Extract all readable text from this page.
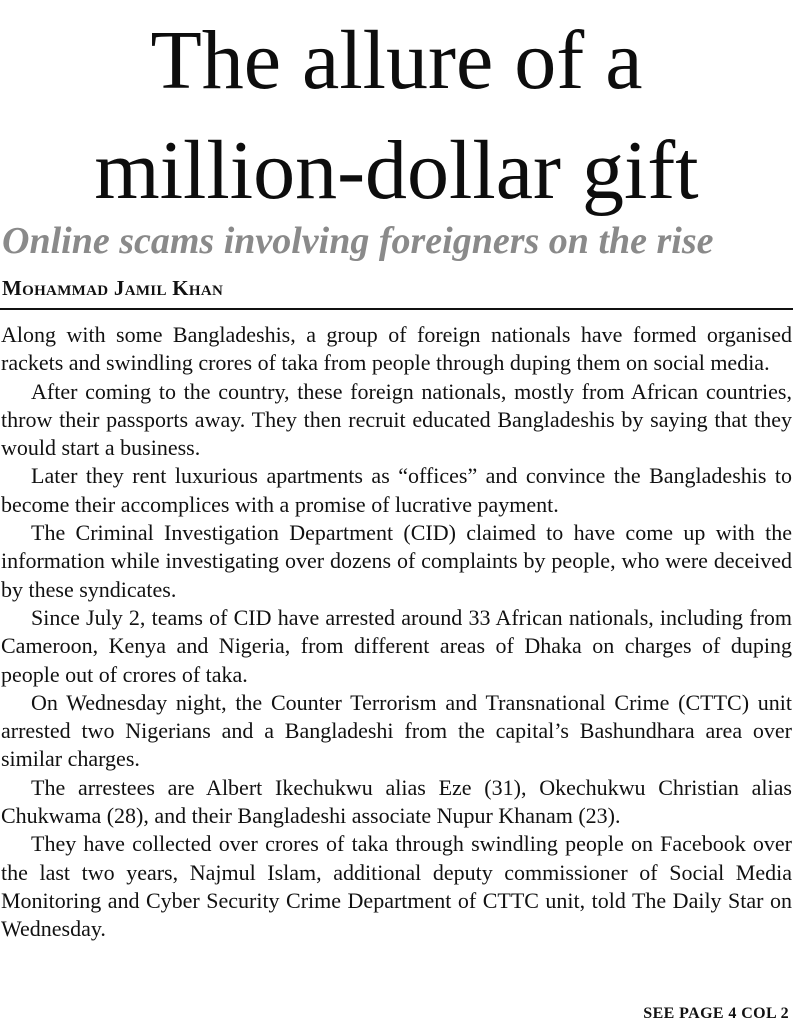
The allure of a
million-dollar gift
Online scams involving foreigners on the rise
Mohammad Jamil Khan

Along with some Bangladeshis, a group of foreign nationals have formed organised rackets and swindling crores of taka from people through duping them on social media.

After coming to the country, these foreign nationals, mostly from African countries, throw their passports away. They then recruit educated Bangladeshis by saying that they would start a business.

Later they rent luxurious apartments as “offices” and convince the Bangladeshis to become their accomplices with a promise of lucrative payment.

The Criminal Investigation Department (CID) claimed to have come up with the information while investigating over dozens of complaints by people, who were deceived by these syndicates.

Since July 2, teams of CID have arrested around 33 African nationals, including from Cameroon, Kenya and Nigeria, from different areas of Dhaka on charges of duping people out of crores of taka.

On Wednesday night, the Counter Terrorism and Transnational Crime (CTTC) unit arrested two Nigerians and a Bangladeshi from the capital’s Bashundhara area over similar charges.

The arrestees are Albert Ikechukwu alias Eze (31), Okechukwu Christian alias Chukwama (28), and their Bangladeshi associate Nupur Khanam (23).

They have collected over crores of taka through swindling people on Facebook over the last two years, Najmul Islam, additional deputy commissioner of Social Media Monitoring and Cyber Security Crime Department of CTTC unit, told The Daily Star on Wednesday.

SEE PAGE 4 COL 2
